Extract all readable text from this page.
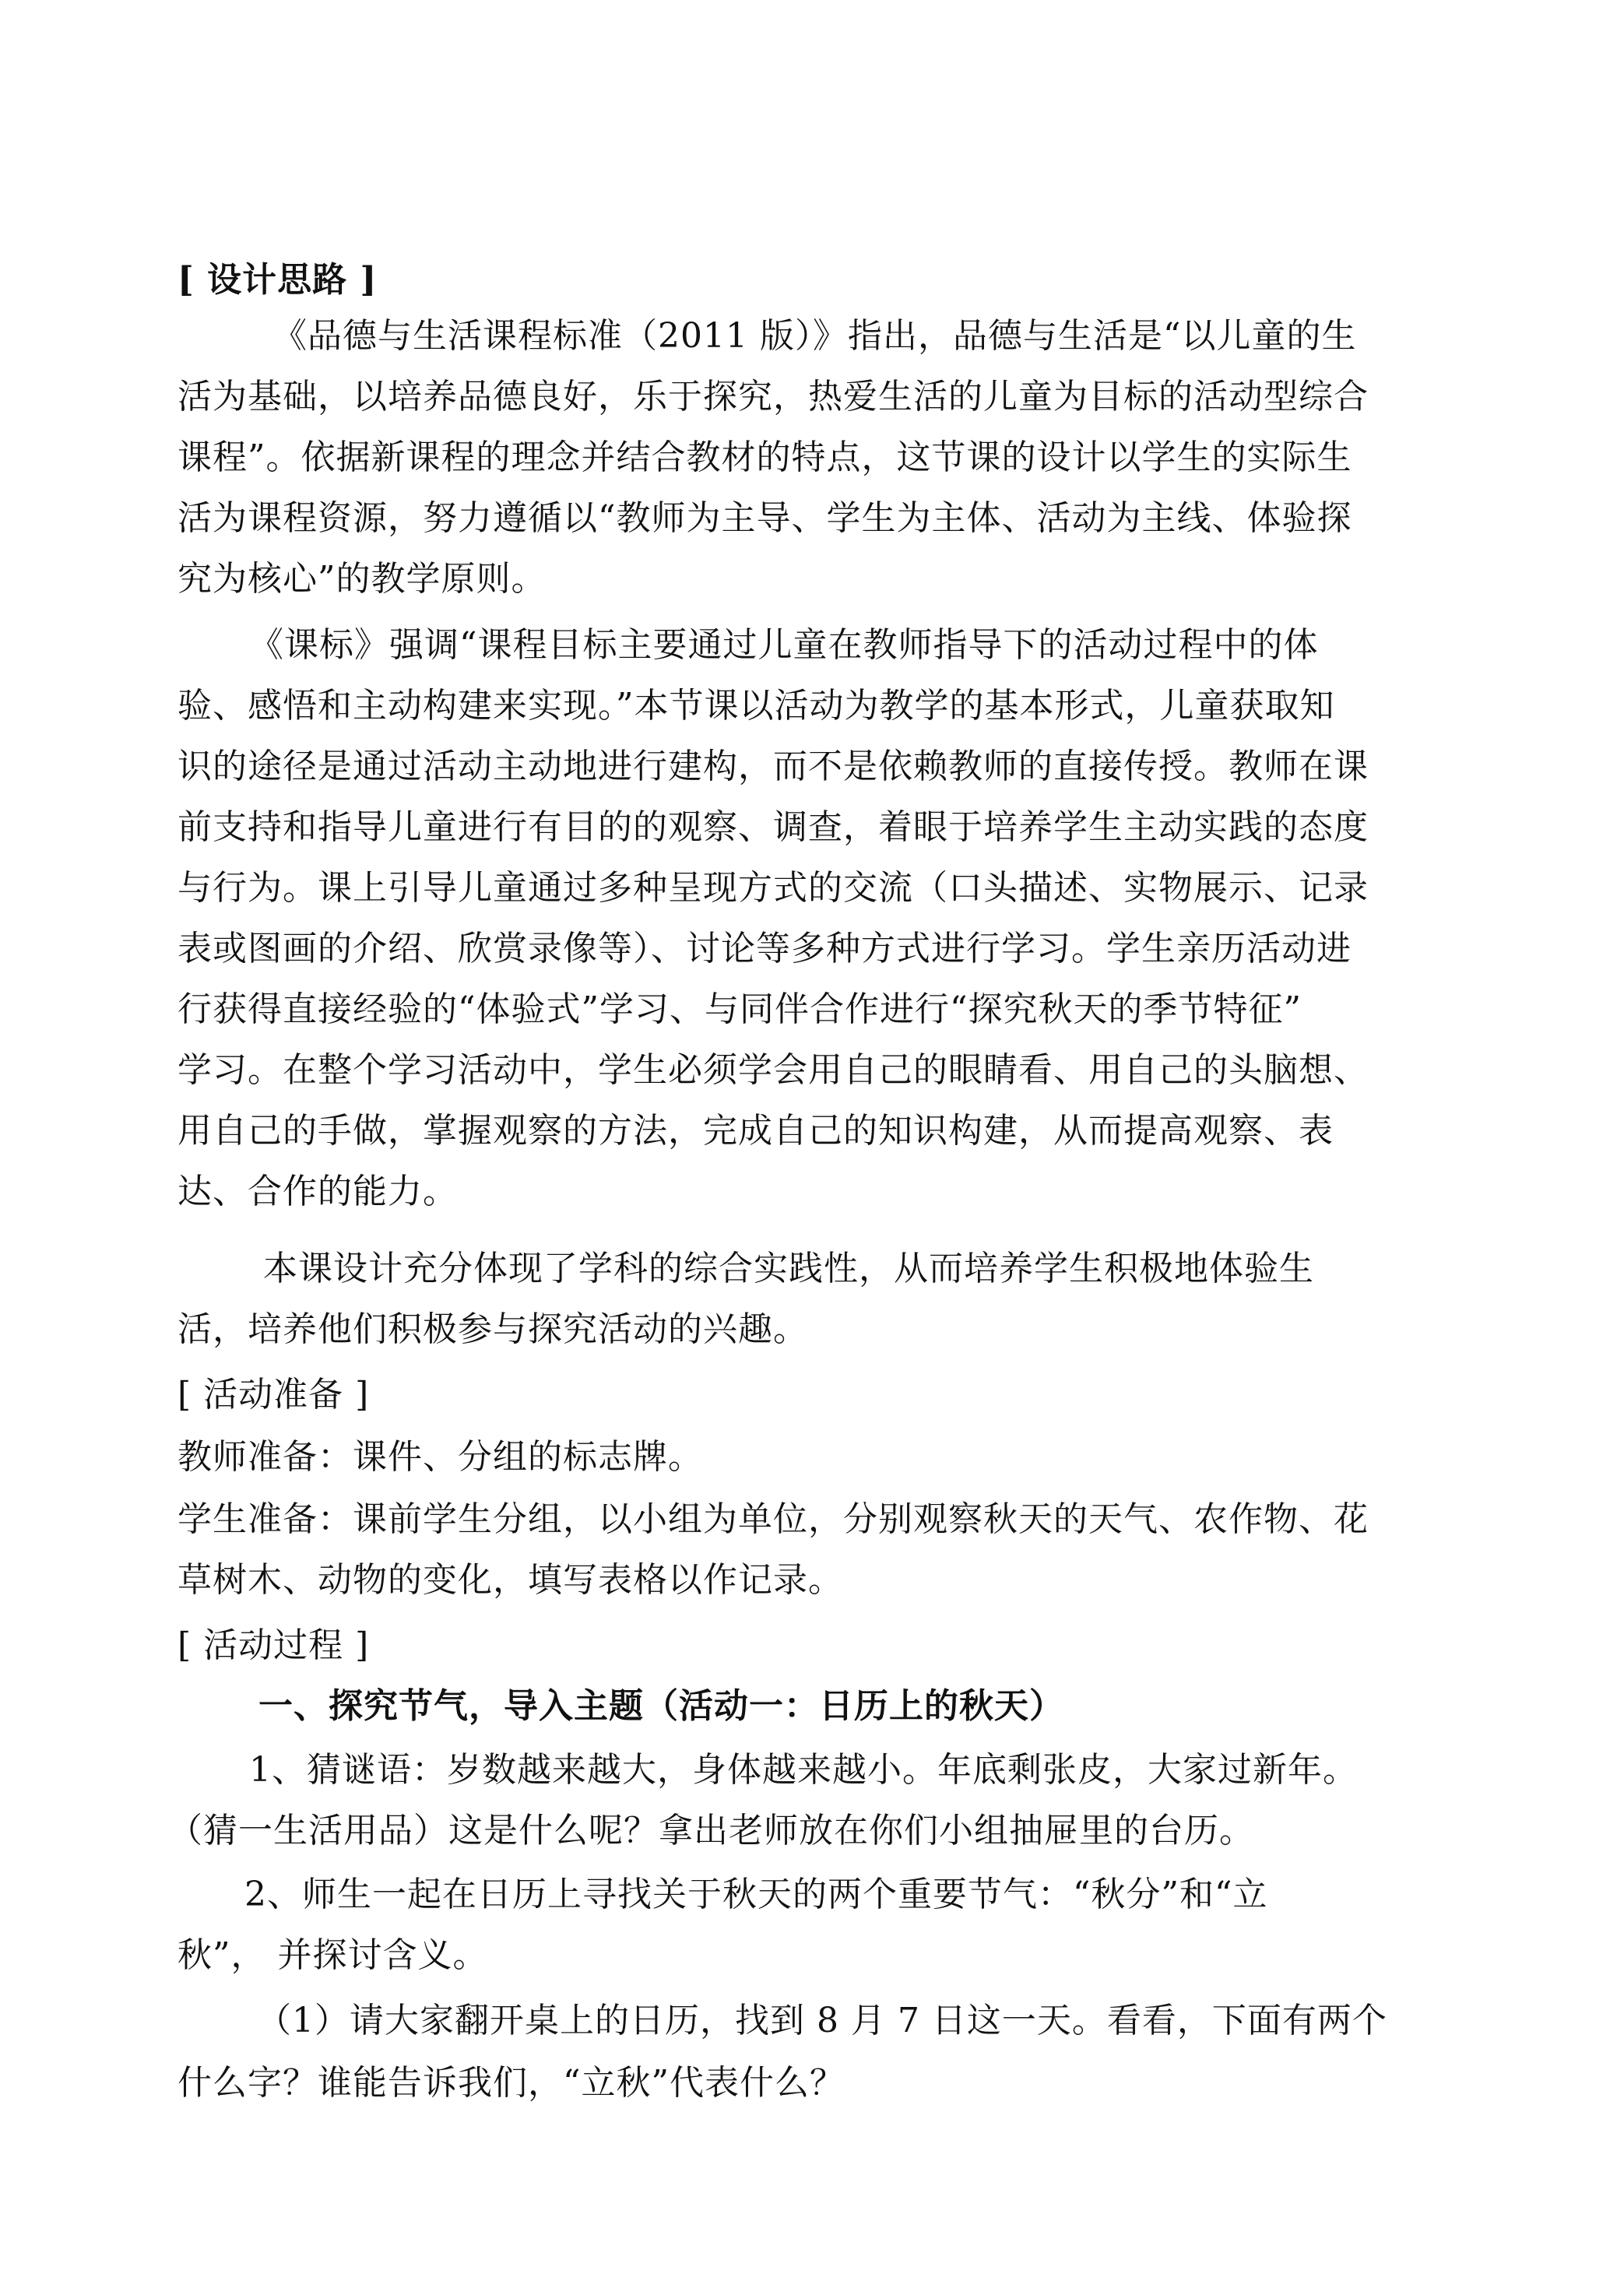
[ 设计思路 ]

《品德与生活课程标准（2011 版）》指出，品德与生活是“以儿童的生

活为基础，以培养品德良好，乐于探究，热爱生活的儿童为目标的活动型综合

课程”。依据新课程的理念并结合教材的特点，这节课的设计以学生的实际生

活为课程资源，努力遵循以“教师为主导、学生为主体、活动为主线、体验探

究为核心”的教学原则。

《课标》强调“课程目标主要通过儿童在教师指导下的活动过程中的体

验、感悟和主动构建来实现。”本节课以活动为教学的基本形式，儿童获取知

识的途径是通过活动主动地进行建构，而不是依赖教师的直接传授。教师在课

前支持和指导儿童进行有目的的观察、调查，着眼于培养学生主动实践的态度

与行为。课上引导儿童通过多种呈现方式的交流（口头描述、实物展示、记录

表或图画的介绍、欣赏录像等）、讨论等多种方式进行学习。学生亲历活动进

行获得直接经验的“体验式”学习、与同伴合作进行“探究秋天的季节特征”

学习。在整个学习活动中，学生必须学会用自己的眼睛看、用自己的头脑想、

用自己的手做，掌握观察的方法，完成自己的知识构建，从而提高观察、表

达、合作的能力。

本课设计充分体现了学科的综合实践性，从而培养学生积极地体验生

活，培养他们积极参与探究活动的兴趣。

[ 活动准备 ]

教师准备：课件、分组的标志牌。

学生准备：课前学生分组，以小组为单位，分别观察秋天的天气、农作物、花

草树木、动物的变化，填写表格以作记录。

[ 活动过程 ]

一、探究节气，导入主题（活动一：日历上的秋天）

1、猜谜语：岁数越来越大，身体越来越小。年底剩张皮，大家过新年。

（猜一生活用品）这是什么呢？拿出老师放在你们小组抽屉里的台历。

2、师生一起在日历上寻找关于秋天的两个重要节气：“秋分”和“立

秋”， 并探讨含义。

（1）请大家翻开桌上的日历，找到 8 月 7 日这一天。看看，下面有两个

什么字？谁能告诉我们，“立秋”代表什么？
